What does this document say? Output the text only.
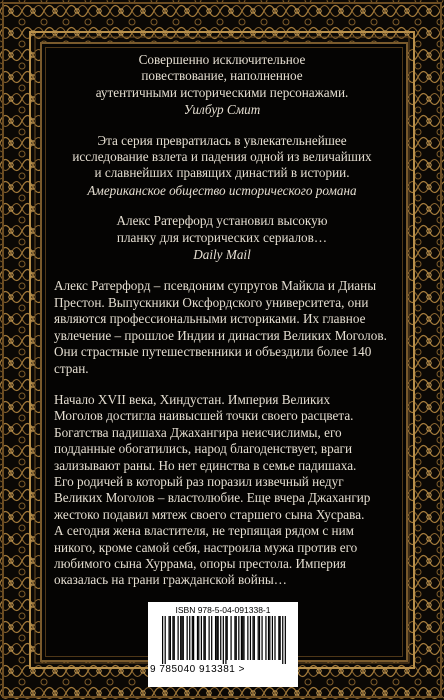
Совершенно исключительное
повествование, наполненное
аутентичными историческими персонажами.
Уилбур Смит
Эта серия превратилась в увлекательнейшее
исследование взлета и падения одной из величайших
и славнейших правящих династий в истории.
Американское общество исторического романа
Алекс Ратерфорд установил высокую
планку для исторических сериалов…
Daily Mail
Алекс Ратерфорд – псевдоним супругов Майкла и Дианы
Престон. Выпускники Оксфордского университета, они
являются профессиональными историками. Их главное
увлечение – прошлое Индии и династия Великих Моголов.
Они страстные путешественники и объездили более 140 стран.
Начало XVII века, Хиндустан. Империя Великих
Моголов достигла наивысшей точки своего расцвета.
Богатства падишаха Джахангира неисчислимы, его
подданные обогатились, народ благоденствует, враги
зализывают раны. Но нет единства в семье падишаха.
Его родичей в который раз поразил извечный недуг
Великих Моголов – властолюбие. Еще вчера Джахангир
жестоко подавил мятеж своего старшего сына Хусрава.
А сегодня жена властителя, не терпящая рядом с ним
никого, кроме самой себя, настроила мужа против его
любимого сына Хуррама, опоры престола. Империя
оказалась на грани гражданской войны…
ISBN 978-5-04-091338-1
9 785040 913381 >
